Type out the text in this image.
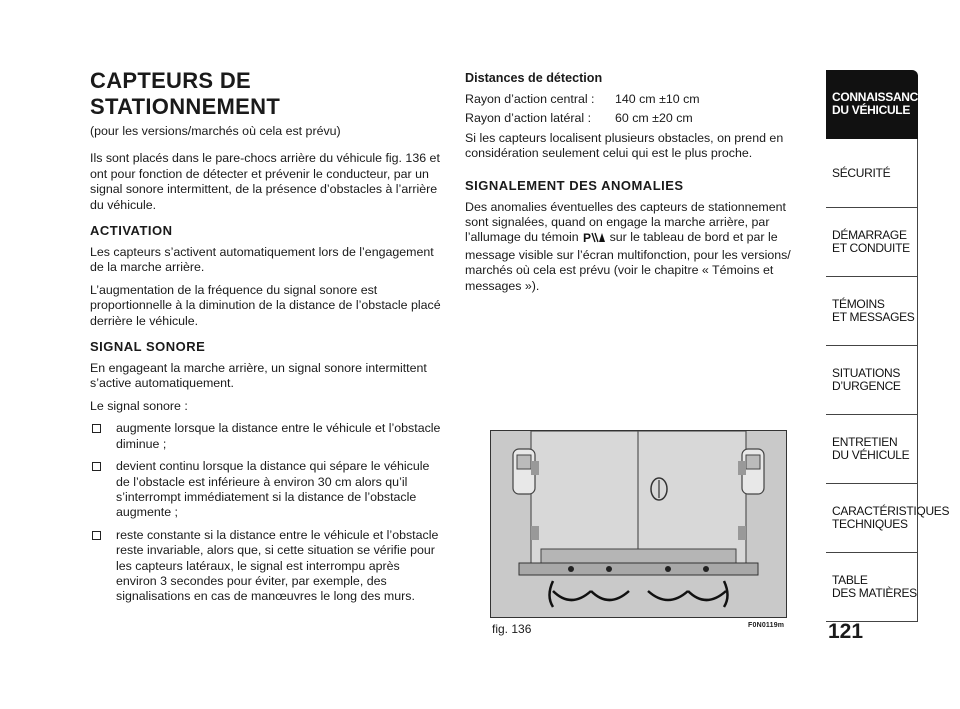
CAPTEURS DE STATIONNEMENT

(pour les versions/marchés où cela est prévu)

Ils sont placés dans le pare-chocs arrière du véhicule fig. 136 et ont pour fonction de détecter et prévenir le conducteur, par un signal sonore intermittent, de la présence d’obstacles à l’arrière du véhicule.

ACTIVATION

Les capteurs s’activent automatiquement lors de l’engagement de la marche arrière.

L’augmentation de la fréquence du signal sonore est proportionnelle à la diminution de la distance de l’obstacle placé derrière le véhicule.

SIGNAL SONORE

En engageant la marche arrière, un signal sonore intermittent s’active automatiquement.

Le signal sonore :

augmente lorsque la distance entre le véhicule et l’obstacle diminue ;
devient continu lorsque la distance qui sépare le véhicule de l’obstacle est inférieure à environ 30 cm alors qu’il s’interrompt immédiatement si la distance de l’obstacle augmente ;
reste constante si la distance entre le véhicule et l’obstacle reste invariable, alors que, si cette situation se vérifie pour les capteurs latéraux, le signal est interrompu après environ 3 secondes pour éviter, par exemple, des signalisations en cas de manœuvres le long des murs.
Distances de détection
Rayon d’action central :	140 cm ±10 cm
Rayon d’action latéral :	60 cm ±20 cm

Si les capteurs localisent plusieurs obstacles, on prend en considération seulement celui qui est le plus proche.

SIGNALEMENT DES ANOMALIES

Des anomalies éventuelles des capteurs de stationnement sont signalées, quand on engage la marche arrière, par l’allumage du témoin P sur le tableau de bord et par le message visible sur l’écran multifonction, pour les versions/ marchés où cela est prévu (voir le chapitre « Témoins et messages »).

fig. 136	F0N0119m
CONNAISSANCE
DU VÉHICULE
SÉCURITÉ
DÉMARRAGE
ET CONDUITE
TÉMOINS
ET MESSAGES
SITUATIONS
D’URGENCE
ENTRETIEN
DU VÉHICULE
CARACTÉRISTIQUES
TECHNIQUES
TABLE
DES MATIÈRES
121
